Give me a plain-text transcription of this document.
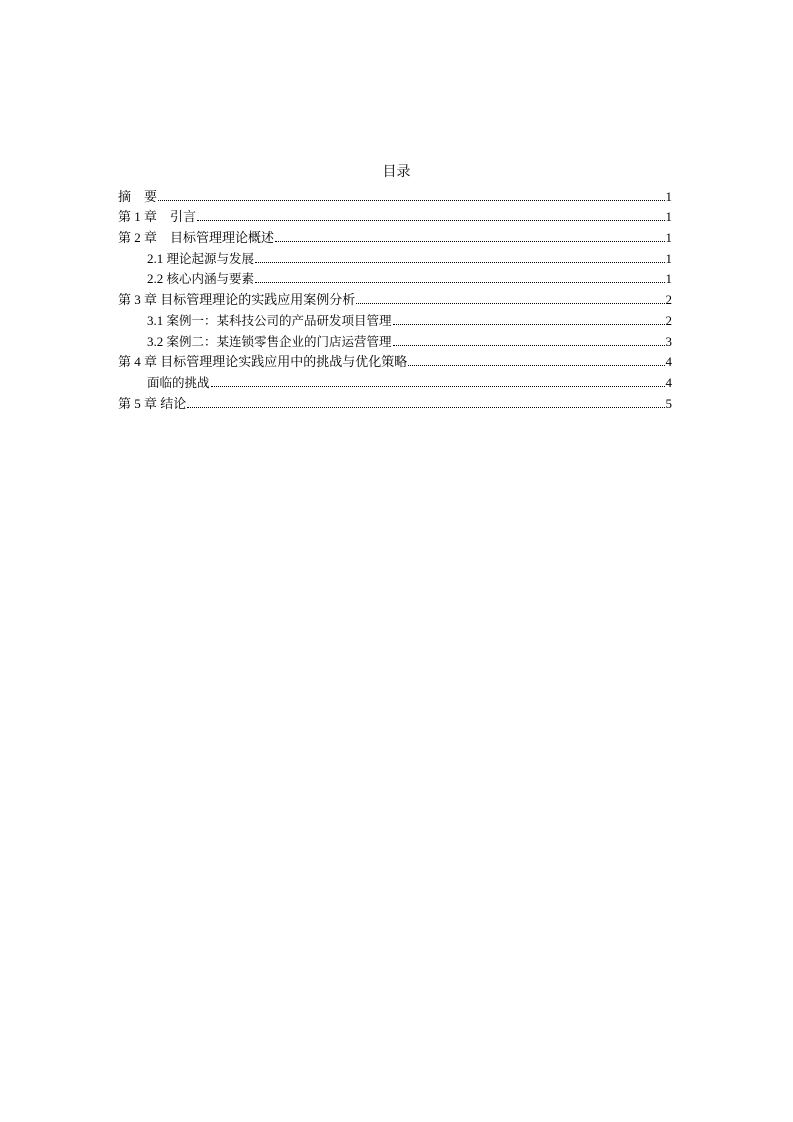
目录
摘　要	1
第 1 章　引言	1
第 2 章　目标管理理论概述	1
2.1 理论起源与发展	1
2.2 核心内涵与要素	1
第 3 章 目标管理理论的实践应用案例分析	2
3.1 案例一：某科技公司的产品研发项目管理	2
3.2 案例二：某连锁零售企业的门店运营管理	3
第 4 章 目标管理理论实践应用中的挑战与优化策略	4
面临的挑战	4
第 5 章 结论	5
